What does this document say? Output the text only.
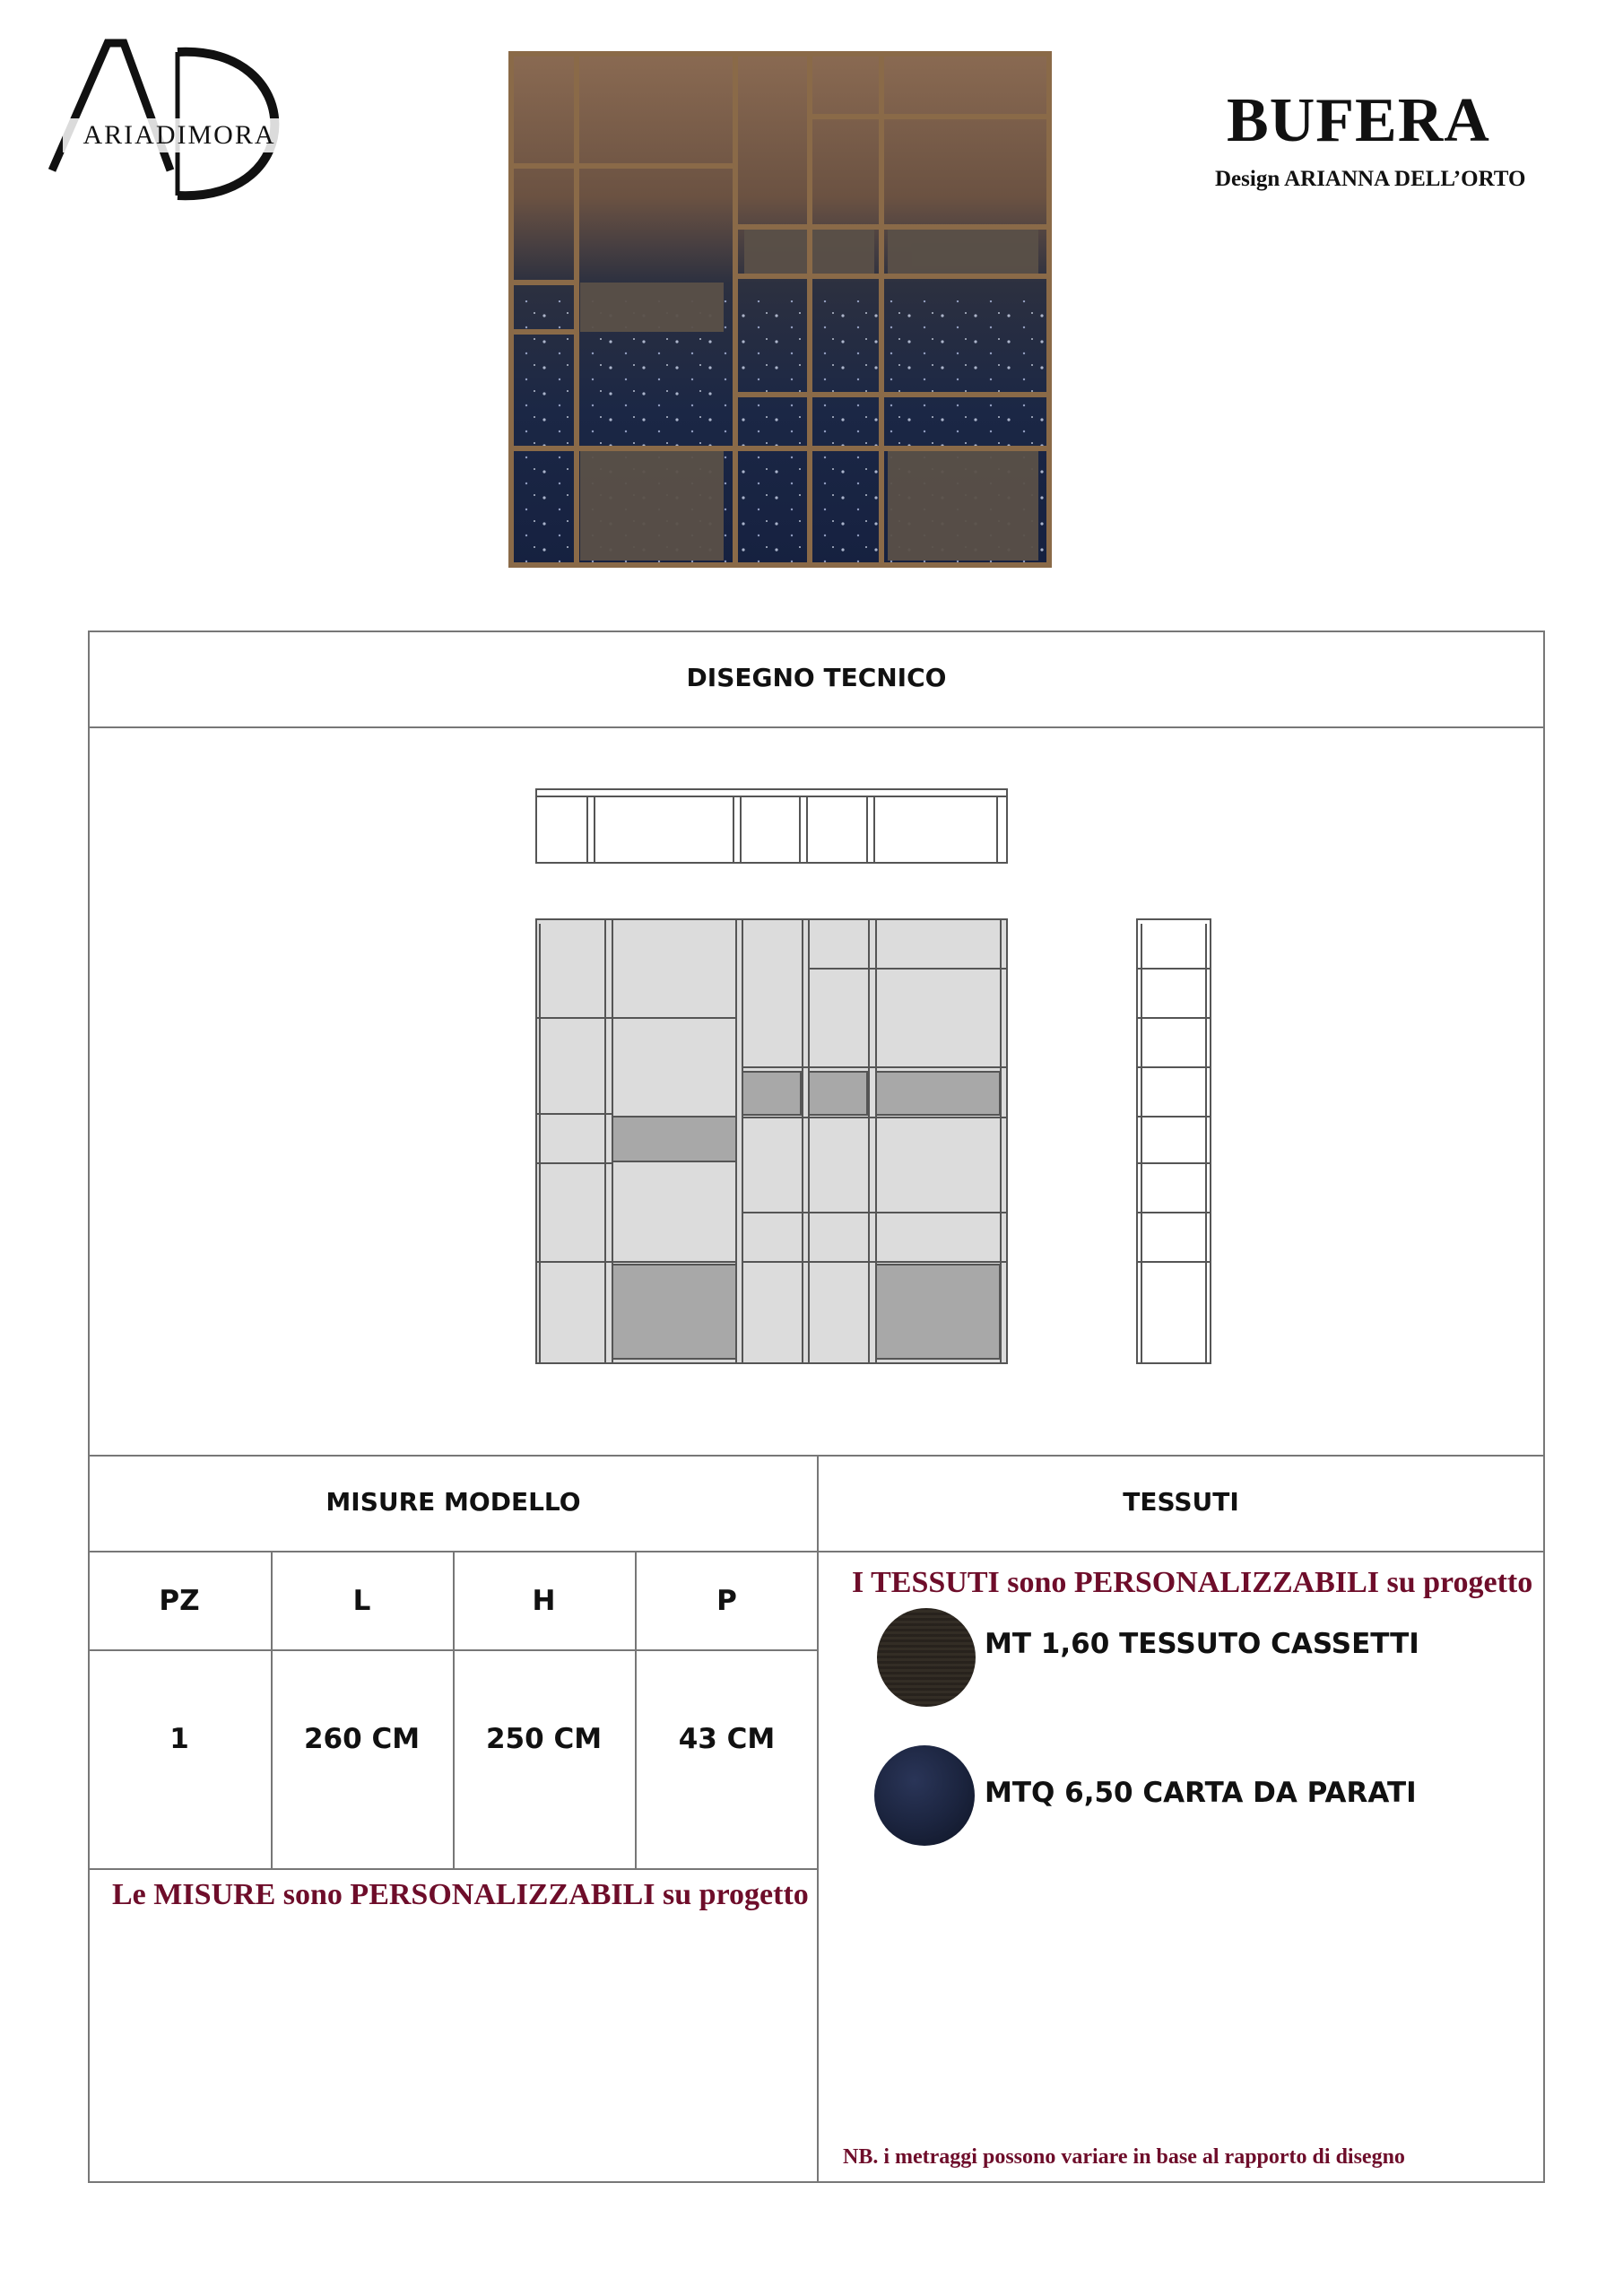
ARIADIMORA	BUFERA
Design ARIANNA DELL’ORTO
DISEGNO TECNICO
MISURE MODELLO	TESSUTI
PZ	L	H	P
1	260 CM	250 CM	43 CM
Le MISURE sono PERSONALIZZABILI su progetto
I TESSUTI sono PERSONALIZZABILI su progetto
MT 1,60 TESSUTO CASSETTI
MTQ 6,50 CARTA DA PARATI
NB. i metraggi possono variare in base al rapporto di disegno
